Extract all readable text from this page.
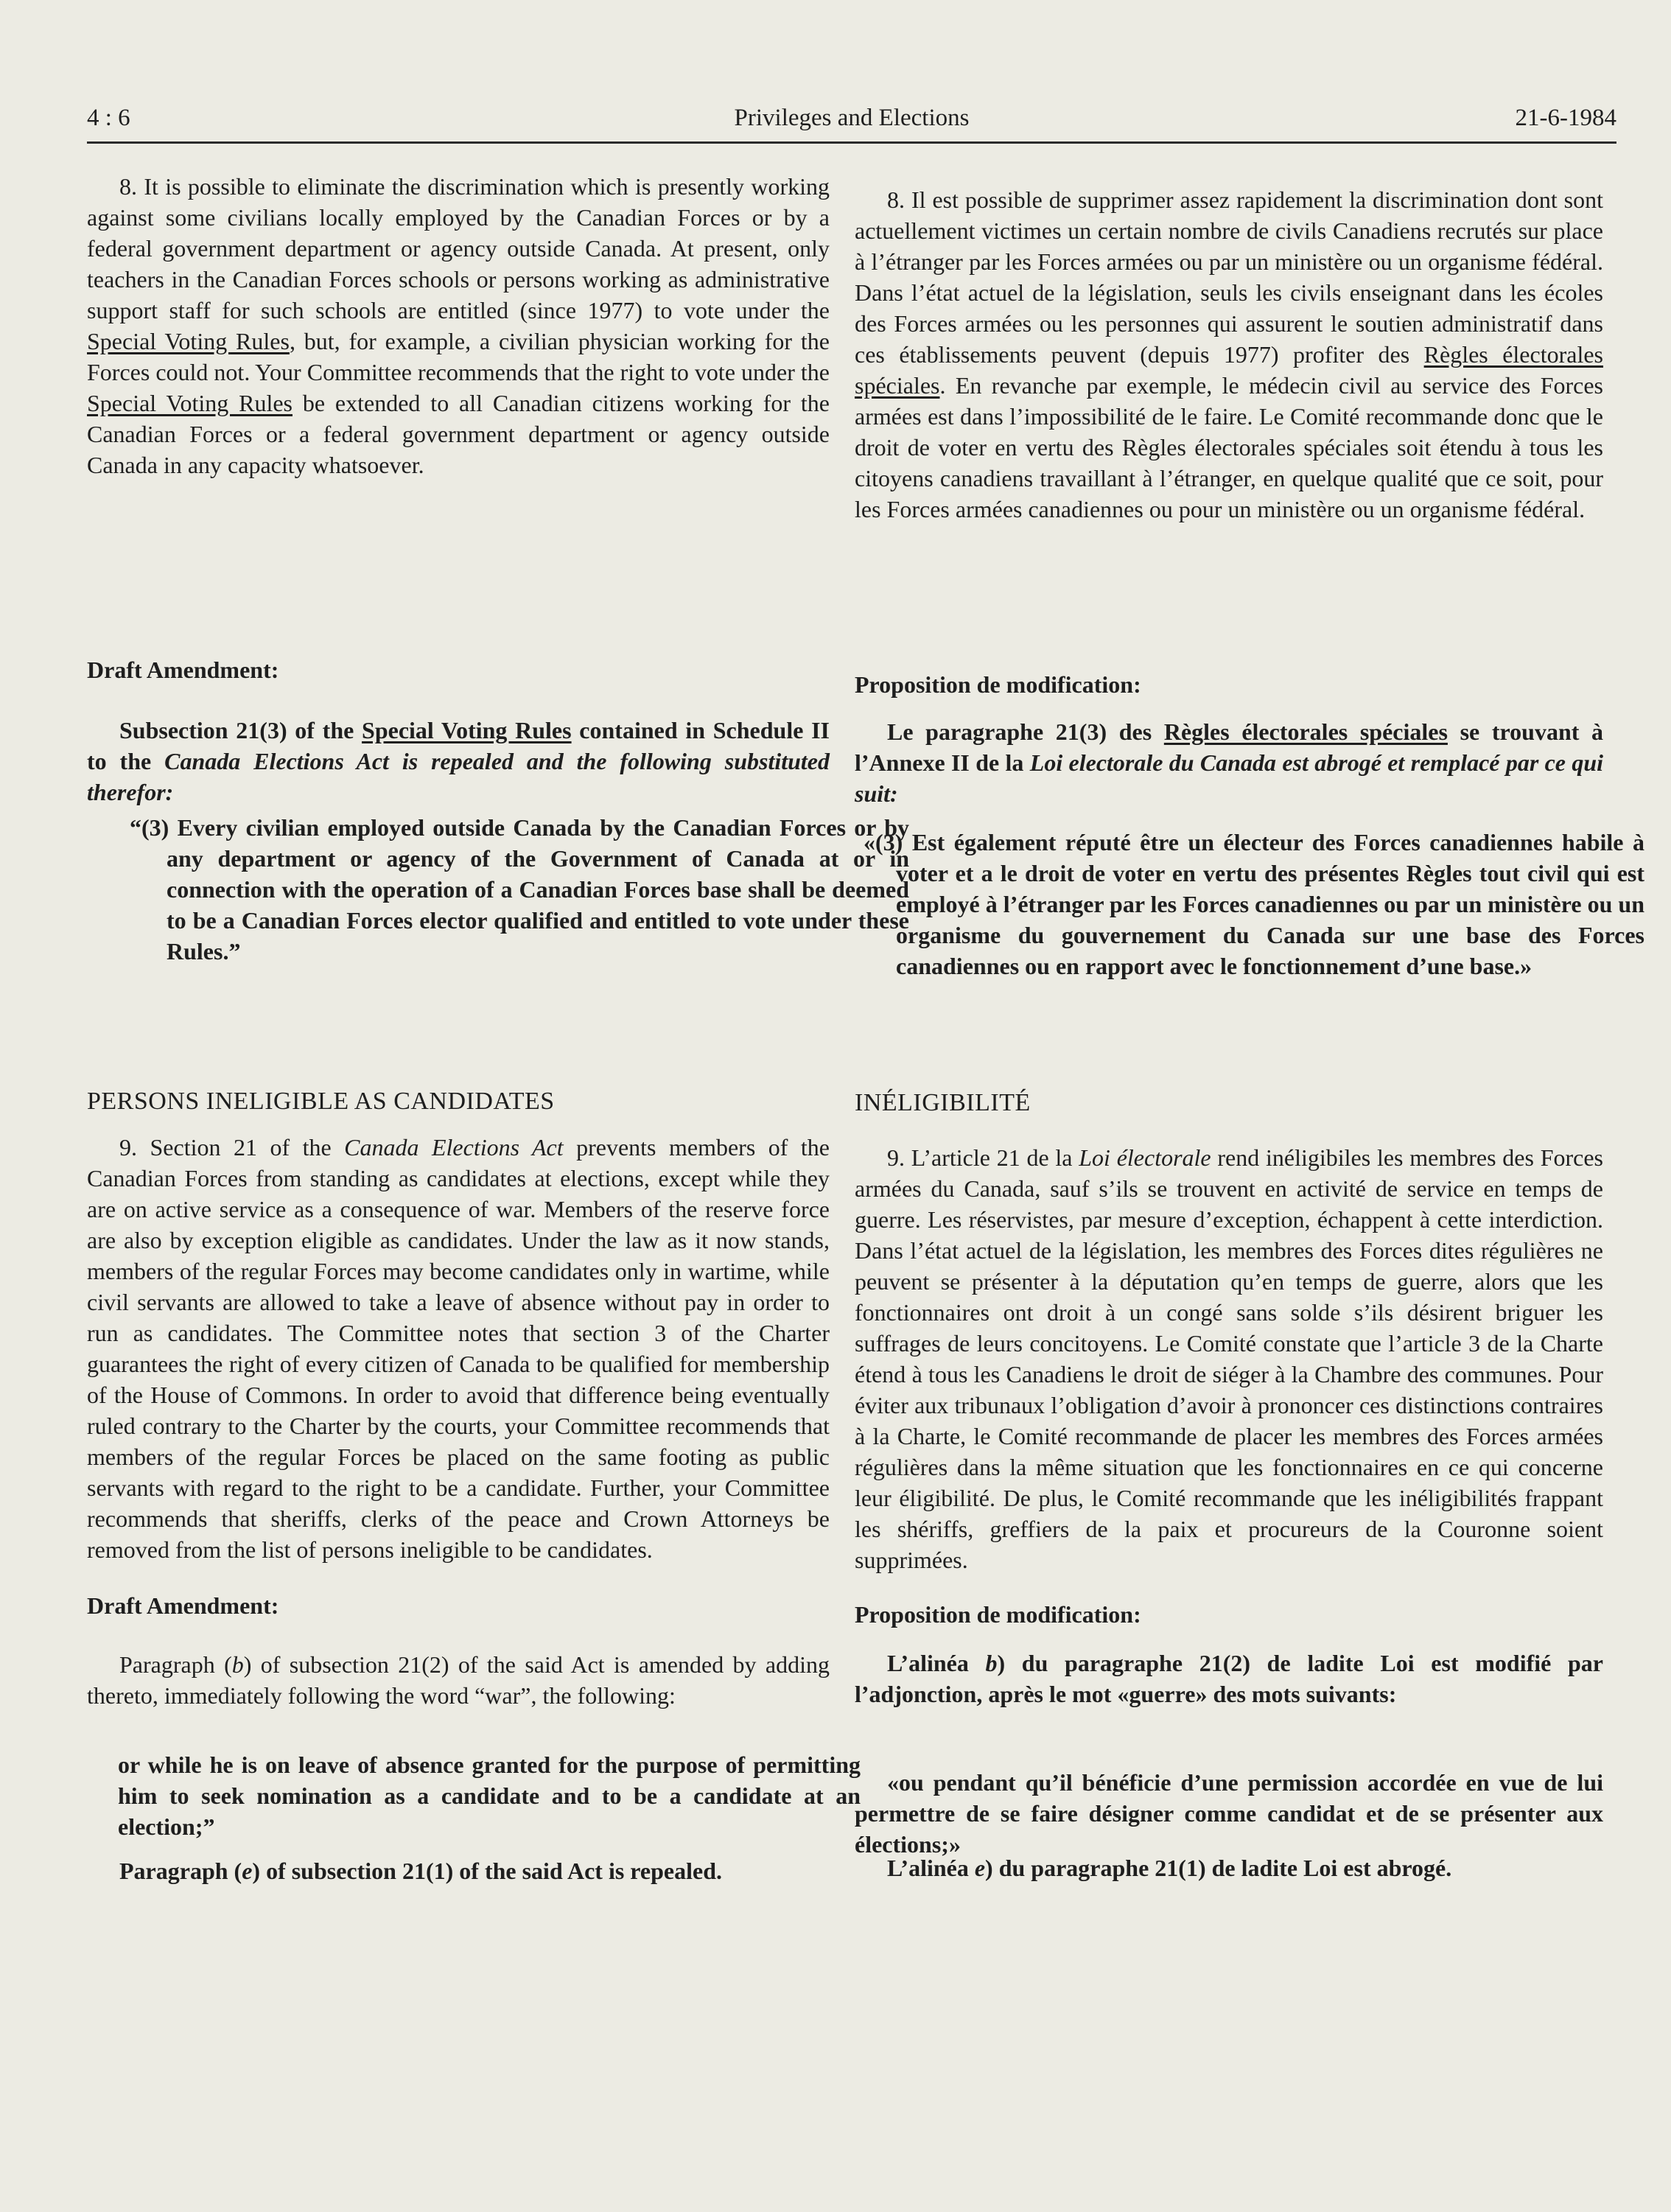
4 : 6	Privileges and Elections	21-6-1984

8. It is possible to eliminate the discrimination which is presently working against some civilians locally employed by the Canadian Forces or by a federal government department or agency outside Canada. At present, only teachers in the Canadian Forces schools or persons working as administrative support staff for such schools are entitled (since 1977) to vote under the Special Voting Rules, but, for example, a civilian physician working for the Forces could not. Your Committee recommends that the right to vote under the Special Voting Rules be extended to all Canadian citizens working for the Canadian Forces or a federal government department or agency outside Canada in any capacity whatsoever.

Draft Amendment:

Subsection 21(3) of the Special Voting Rules contained in Schedule II to the Canada Elections Act is repealed and the following substituted therefor:

“(3) Every civilian employed outside Canada by the Canadian Forces or by any department or agency of the Government of Canada at or in connection with the operation of a Canadian Forces base shall be deemed to be a Canadian Forces elector qualified and entitled to vote under these Rules.”

PERSONS INELIGIBLE AS CANDIDATES

9. Section 21 of the Canada Elections Act prevents members of the Canadian Forces from standing as candidates at elections, except while they are on active service as a consequence of war. Members of the reserve force are also by exception eligible as candidates. Under the law as it now stands, members of the regular Forces may become candidates only in wartime, while civil servants are allowed to take a leave of absence without pay in order to run as candidates. The Committee notes that section 3 of the Charter guarantees the right of every citizen of Canada to be qualified for membership of the House of Commons. In order to avoid that difference being eventually ruled contrary to the Charter by the courts, your Committee recommends that members of the regular Forces be placed on the same footing as public servants with regard to the right to be a candidate. Further, your Committee recommends that sheriffs, clerks of the peace and Crown Attorneys be removed from the list of persons ineligible to be candidates.

Draft Amendment:

Paragraph (b) of subsection 21(2) of the said Act is amended by adding thereto, immediately following the word “war”, the following:

or while he is on leave of absence granted for the purpose of permitting him to seek nomination as a candidate and to be a candidate at an election;”

Paragraph (e) of subsection 21(1) of the said Act is repealed.

8. Il est possible de supprimer assez rapidement la discrimination dont sont actuellement victimes un certain nombre de civils Canadiens recrutés sur place à l’étranger par les Forces armées ou par un ministère ou un organisme fédéral. Dans l’état actuel de la législation, seuls les civils enseignant dans les écoles des Forces armées ou les personnes qui assurent le soutien administratif dans ces établissements peuvent (depuis 1977) profiter des Règles électorales spéciales. En revanche par exemple, le médecin civil au service des Forces armées est dans l’impossibilité de le faire. Le Comité recommande donc que le droit de voter en vertu des Règles électorales spéciales soit étendu à tous les citoyens canadiens travaillant à l’étranger, en quelque qualité que ce soit, pour les Forces armées canadiennes ou pour un ministère ou un organisme fédéral.

Proposition de modification:

Le paragraphe 21(3) des Règles électorales spéciales se trouvant à l’Annexe II de la Loi electorale du Canada est abrogé et remplacé par ce qui suit:

«(3) Est également réputé être un électeur des Forces canadiennes habile à voter et a le droit de voter en vertu des présentes Règles tout civil qui est employé à l’étranger par les Forces canadiennes ou par un ministère ou un organisme du gouvernement du Canada sur une base des Forces canadiennes ou en rapport avec le fonctionnement d’une base.»

INÉLIGIBILITÉ

9. L’article 21 de la Loi électorale rend inéligibiles les membres des Forces armées du Canada, sauf s’ils se trouvent en activité de service en temps de guerre. Les réservistes, par mesure d’exception, échappent à cette interdiction. Dans l’état actuel de la législation, les membres des Forces dites régulières ne peuvent se présenter à la députation qu’en temps de guerre, alors que les fonctionnaires ont droit à un congé sans solde s’ils désirent briguer les suffrages de leurs concitoyens. Le Comité constate que l’article 3 de la Charte étend à tous les Canadiens le droit de siéger à la Chambre des communes. Pour éviter aux tribunaux l’obligation d’avoir à prononcer ces distinctions contraires à la Charte, le Comité recommande de placer les membres des Forces armées régulières dans la même situation que les fonctionnaires en ce qui concerne leur éligibilité. De plus, le Comité recommande que les inéligibilités frappant les shériffs, greffiers de la paix et procureurs de la Couronne soient supprimées.

Proposition de modification:

L’alinéa b) du paragraphe 21(2) de ladite Loi est modifié par l’adjonction, après le mot «guerre» des mots suivants:

«ou pendant qu’il bénéficie d’une permission accordée en vue de lui permettre de se faire désigner comme candidat et de se présenter aux élections;»

L’alinéa e) du paragraphe 21(1) de ladite Loi est abrogé.
